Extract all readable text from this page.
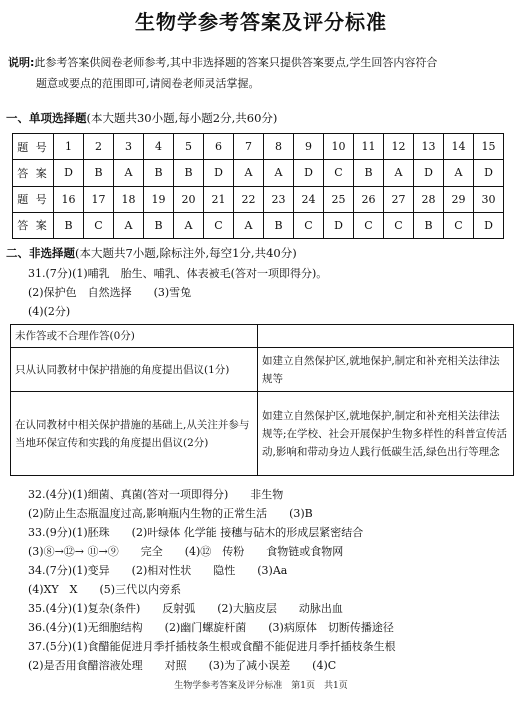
生物学参考答案及评分标准
说明:此参考答案供阅卷老师参考,其中非选择题的答案只提供答案要点,学生回答内容符合
题意或要点的范围即可,请阅卷老师灵活掌握。
一、单项选择题(本大题共30小题,每小题2分,共60分)
题 号	1	2	3	4	5	6	7	8	9	10	11	12	13	14	15
答 案	D	B	A	B	B	D	A	A	D	C	B	A	D	A	D
题 号	16	17	18	19	20	21	22	23	24	25	26	27	28	29	30
答 案	B	C	A	B	A	C	A	B	C	D	C	C	B	C	D
二、非选择题(本大题共7小题,除标注外,每空1分,共40分)
31.(7分)(1)哺乳　胎生、哺乳、体表被毛(答对一项即得分)。
(2)保护色　自然选择　　(3)雪兔
(4)(2分)
未作答或不合理作答(0分)	
只从认同教材中保护措施的角度提出倡议(1分)	如建立自然保护区,就地保护,制定和补充相关法律法规等
在认同教材中相关保护措施的基础上,从关注并参与当地环保宣传和实践的角度提出倡议(2分)	如建立自然保护区,就地保护,制定和补充相关法律法规等;在学校、社会开展保护生物多样性的科普宣传活动,影响和带动身边人践行低碳生活,绿色出行等理念
32.(4分)(1)细菌、真菌(答对一项即得分)　　非生物
(2)防止生态瓶温度过高,影响瓶内生物的正常生活　　(3)B
33.(9分)(1)胚珠　　(2)叶绿体 化学能 接穗与砧木的形成层紧密结合
(3)⑧→⑫→ ⑪→⑨　　完全　　(4)⑫　传粉　　食物链或食物网
34.(7分)(1)变异　　(2)相对性状　　隐性　　(3)Aa
(4)XY　X　　(5)三代以内旁系
35.(4分)(1)复杂(条件)　　反射弧　　(2)大脑皮层　　动脉出血
36.(4分)(1)无细胞结构　　(2)幽门螺旋杆菌　　(3)病原体　切断传播途径
37.(5分)(1)食醋能促进月季扦插枝条生根或食醋不能促进月季扦插枝条生根
(2)是否用食醋溶液处理　　对照　　(3)为了减小误差　　(4)C
生物学参考答案及评分标准　第1页　共1页
